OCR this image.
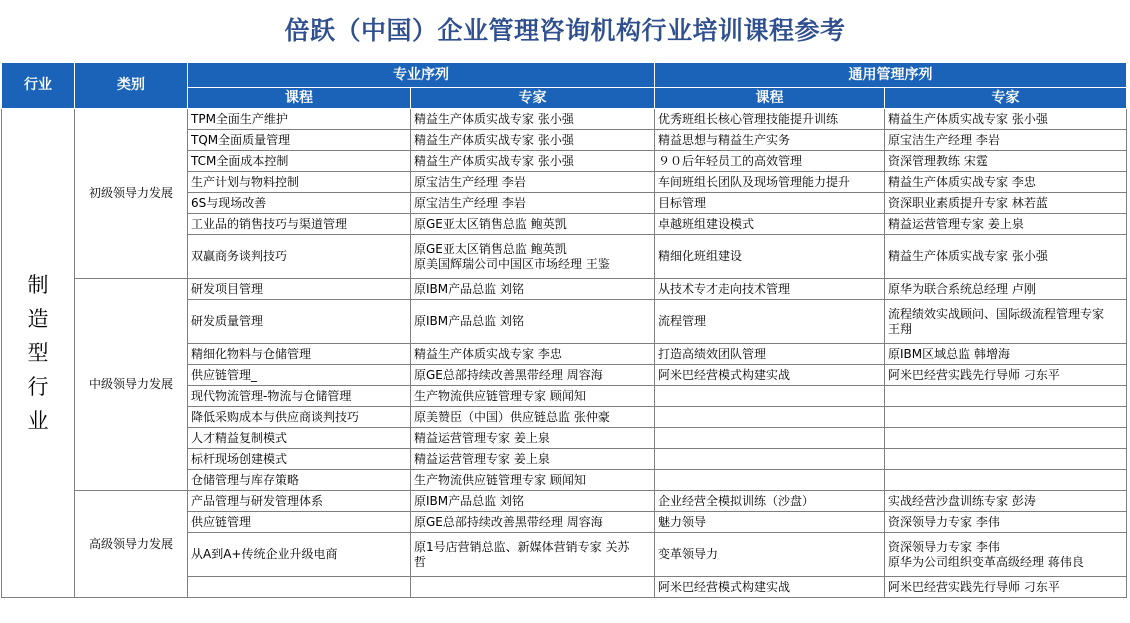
倍跃（中国）企业管理咨询机构行业培训课程参考
行业	类别	专业序列		通用管理序列	
		课程	专家	课程	专家
制造型行业	初级领导力发展	TPM全面生产维护	精益生产体质实战专家 张小强	优秀班组长核心管理技能提升训练	精益生产体质实战专家 张小强

		TQM全面质量管理	精益生产体质实战专家 张小强	精益思想与精益生产实务	原宝洁生产经理 李岩

		TCM全面成本控制	精益生产体质实战专家 张小强	９０后年轻员工的高效管理	资深管理教练 宋霆

		生产计划与物料控制	原宝洁生产经理 李岩	车间班组长团队及现场管理能力提升	精益生产体质实战专家 李忠

		6S与现场改善	原宝洁生产经理 李岩	目标管理	资深职业素质提升专家 林若蓝

		工业品的销售技巧与渠道管理	原GE亚太区销售总监 鲍英凯	卓越班组建设模式	精益运营管理专家 姜上泉

		双赢商务谈判技巧	原GE亚太区销售总监 鲍英凯
原美国辉瑞公司中国区市场经理 王鉴	精细化班组建设	精益生产体质实战专家 张小强

	中级领导力发展	研发项目管理	原IBM产品总监 刘铭	从技术专才走向技术管理	原华为联合系统总经理 卢刚

		研发质量管理	原IBM产品总监 刘铭	流程管理	流程绩效实战顾问、国际级流程管理专家
王翔

		精细化物料与仓储管理	精益生产体质实战专家 李忠	打造高绩效团队管理	原IBM区域总监 韩增海

		供应链管理_	原GE总部持续改善黑带经理 周容海	阿米巴经营模式构建实战	阿米巴经营实践先行导师 刁东平

		现代物流管理-物流与仓储管理	生产物流供应链管理专家 顾闻知		

		降低采购成本与供应商谈判技巧	原美赞臣（中国）供应链总监 张仲豪		

		人才精益复制模式	精益运营管理专家 姜上泉		

		标杆现场创建模式	精益运营管理专家 姜上泉		

		仓储管理与库存策略	生产物流供应链管理专家 顾闻知		

	高级领导力发展	产品管理与研发管理体系	原IBM产品总监 刘铭	企业经营全模拟训练（沙盘）	实战经营沙盘训练专家 彭涛

		供应链管理	原GE总部持续改善黑带经理 周容海	魅力领导	资深领导力专家 李伟

		从A到A+传统企业升级电商	原1号店营销总监、新媒体营销专家 关苏
哲	变革领导力	资深领导力专家 李伟
原华为公司组织变革高级经理 蒋伟良

				阿米巴经营模式构建实战	阿米巴经营实践先行导师 刁东平
